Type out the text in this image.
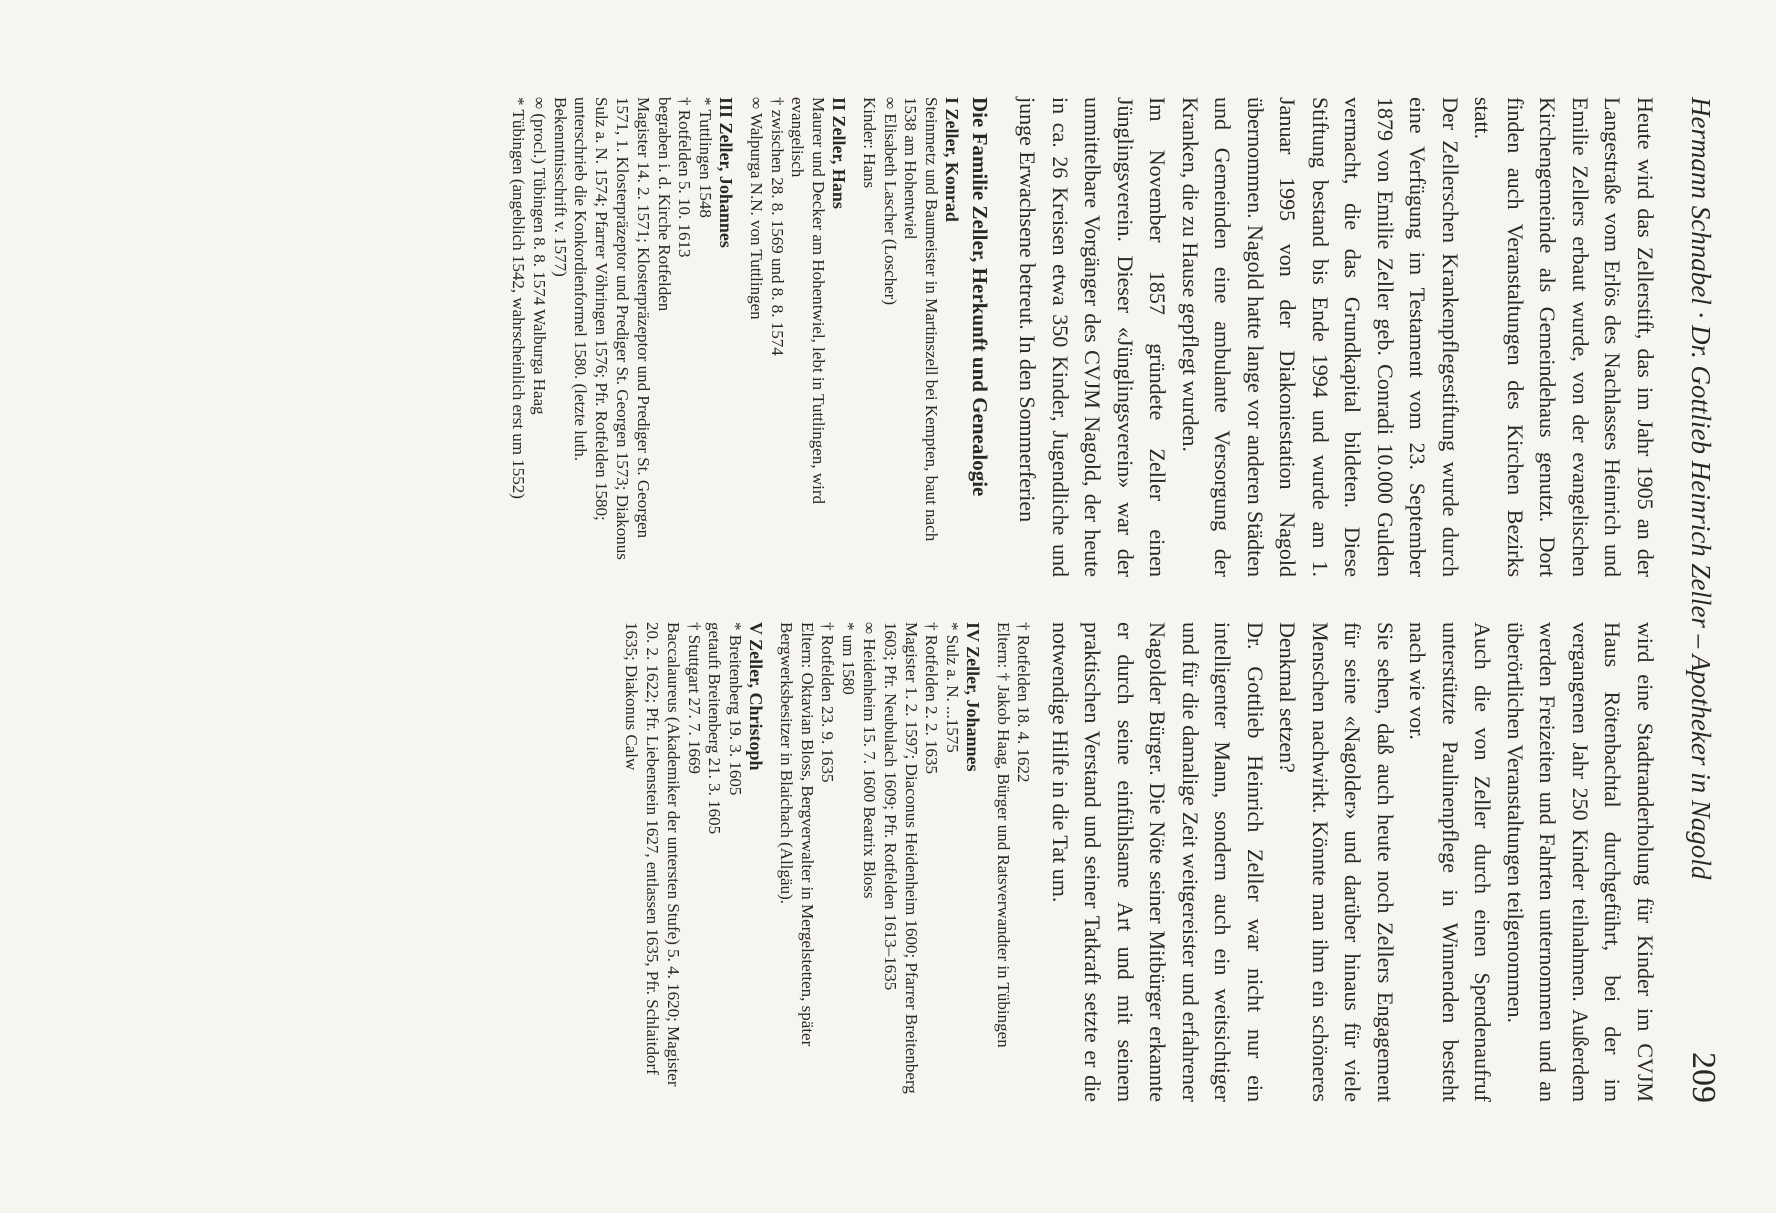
Hermann Schnabel · Dr. Gottlieb Heinrich Zeller – Apotheker in Nagold
209

Heute wird das Zellerstift, das im Jahr 1905 an der Langestraße vom Erlös des Nachlasses Heinrich und Emilie Zellers erbaut wurde, von der evangelischen Kirchengemeinde als Gemeindehaus genutzt. Dort finden auch Veranstaltungen des Kirchen Bezirks statt.

Der Zellerschen Krankenpflegestiftung wurde durch eine Verfügung im Testament vom 23. September 1879 von Emilie Zeller geb. Conradi 10.000 Gulden vermacht, die das Grundkapital bildeten. Diese Stiftung bestand bis Ende 1994 und wurde am 1. Januar 1995 von der Diakoniestation Nagold übernommen. Nagold hatte lange vor anderen Städten und Gemeinden eine ambulante Versorgung der Kranken, die zu Hause gepflegt wurden.

Im November 1857 gründete Zeller einen Jünglingsverein. Dieser «Jünglingsverein» war der unmittelbare Vorgänger des CVJM Nagold, der heute in ca. 26 Kreisen etwa 350 Kinder, Jugendliche und junge Erwachsene betreut. In den Sommerferien

Die Familie Zeller, Herkunft und Genealogie
I Zeller, Konrad
Steinmetz und Baumeister in Martinszell bei Kempten, baut nach 1538 am Hohentwiel
∞ Elisabeth Lascher (Loscher)
Kinder: Hans
II Zeller, Hans
Maurer und Decker am Hohentwiel, lebt in Tuttlingen, wird evangelisch
† zwischen 28. 8. 1569 und 8. 8. 1574
∞ Walpurga N.N. von Tuttlingen
III Zeller, Johannes
* Tuttlingen 1548
† Rotfelden 5. 10. 1613
begraben i. d. Kirche Rotfelden
Magister 14. 2. 1571; Klosterpräzeptor und Prediger St. Georgen 1571, 1. Klosterpräzeptor und Prediger St. Georgen 1573; Diakonus Sulz a. N. 1574; Pfarrer Vöhringen 1576; Pfr. Rotfelden 1580; unterschrieb die Konkordienformel 1580. (letzte luth. Bekenntnisschrift v. 1577)
∞ (procl.) Tübingen 8. 8. 1574 Walburga Haag
* Tübingen (angeblich 1542, wahrscheinlich erst um 1552)

wird eine Stadtranderholung für Kinder im CVJM Haus Rötenbachtal durchgeführt, bei der im vergangenen Jahr 250 Kinder teilnahmen. Außerdem werden Freizeiten und Fahrten unternommen und an überörtlichen Veranstaltungen teilgenommen.

Auch die von Zeller durch einen Spendenaufruf unterstützte Paulinenpflege in Winnenden besteht nach wie vor.

Sie sehen, daß auch heute noch Zellers Engagement für seine «Nagolder» und darüber hinaus für viele Menschen nachwirkt. Könnte man ihm ein schöneres Denkmal setzen?

Dr. Gottlieb Heinrich Zeller war nicht nur ein intelligenter Mann, sondern auch ein weitsichtiger und für die damalige Zeit weitgereister und erfahrener Nagolder Bürger. Die Nöte seiner Mitbürger erkannte er durch seine einfühlsame Art und mit seinem praktischen Verstand und seiner Tatkraft setzte er die notwendige Hilfe in die Tat um.

† Rotfelden 18. 4. 1622
Eltern: † Jakob Haag, Bürger und Ratsverwandter in Tübingen
IV Zeller, Johannes
* Sulz a. N. ...1575
† Rotfelden 2. 2. 1635
Magister 1. 2. 1597; Diaconus Heidenheim 1600; Pfarrer Breitenberg 1603; Pfr. Neubulach 1609; Pfr. Rotfelden 1613–1635
∞ Heidenheim 15. 7. 1600 Beatrix Bloss
* um 1580
† Rotfelden 23. 9. 1635
Eltern: Oktavian Bloss, Bergverwalter in Mergelstetten, später Bergwerksbesitzer in Blaichach (Allgäu).
V Zeller, Christoph
* Breitenberg 19. 3. 1605
getauft Breitenberg 21. 3. 1605
† Stuttgart 27. 7. 1669
Baccalaureus (Akademiker der untersten Stufe) 5. 4. 1620; Magister 20. 2. 1622; Pfr. Liebenstein 1627, entlassen 1635, Pfr. Schlaitdorf 1635; Diakonus Calw
